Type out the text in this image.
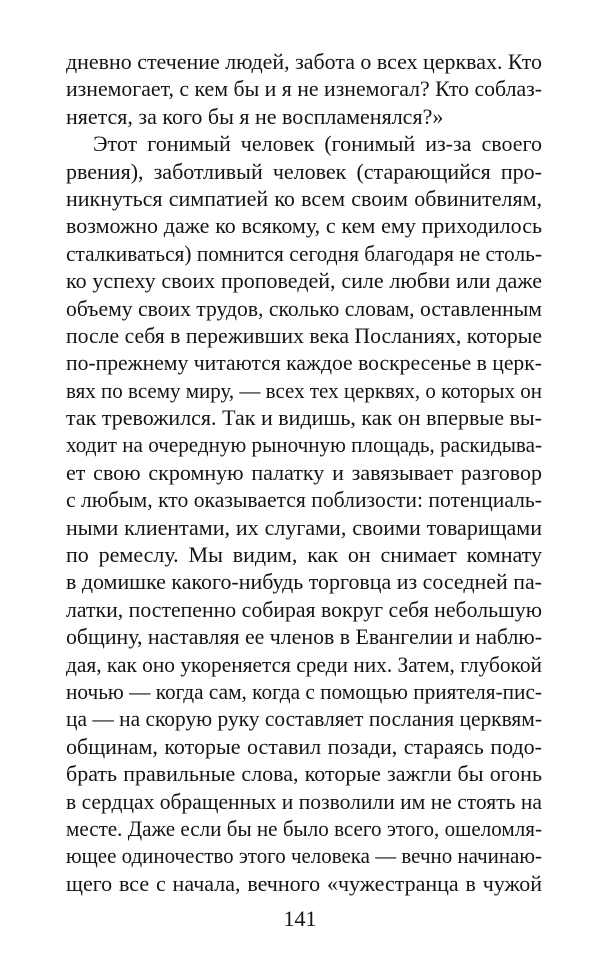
дневно стечение людей, забота о всех церквах. Кто
изнемогает, с кем бы и я не изнемогал? Кто соблаз-
няется, за кого бы я не воспламенялся?»
Этот гонимый человек (гонимый из-за своего
рвения), заботливый человек (старающийся про-
никнуться симпатией ко всем своим обвинителям,
возможно даже ко всякому, с кем ему приходилось
сталкиваться) помнится сегодня благодаря не столь-
ко успеху своих проповедей, силе любви или даже
объему своих трудов, сколько словам, оставленным
после себя в переживших века Посланиях, которые
по-прежнему читаются каждое воскресенье в церк-
вях по всему миру, — всех тех церквях, о которых он
так тревожился. Так и видишь, как он впервые вы-
ходит на очередную рыночную площадь, раскидыва-
ет свою скромную палатку и завязывает разговор
с любым, кто оказывается поблизости: потенциаль-
ными клиентами, их слугами, своими товарищами
по ремеслу. Мы видим, как он снимает комнату
в домишке какого-нибудь торговца из соседней па-
латки, постепенно собирая вокруг себя небольшую
общину, наставляя ее членов в Евангелии и наблю-
дая, как оно укореняется среди них. Затем, глубокой
ночью — когда сам, когда с помощью приятеля-пис-
ца — на скорую руку составляет послания церквям-
общинам, которые оставил позади, стараясь подо-
брать правильные слова, которые зажгли бы огонь
в сердцах обращенных и позволили им не стоять на
месте. Даже если бы не было всего этого, ошеломля-
ющее одиночество этого человека — вечно начинаю-
щего все с начала, вечного «чужестранца в чужой
141
